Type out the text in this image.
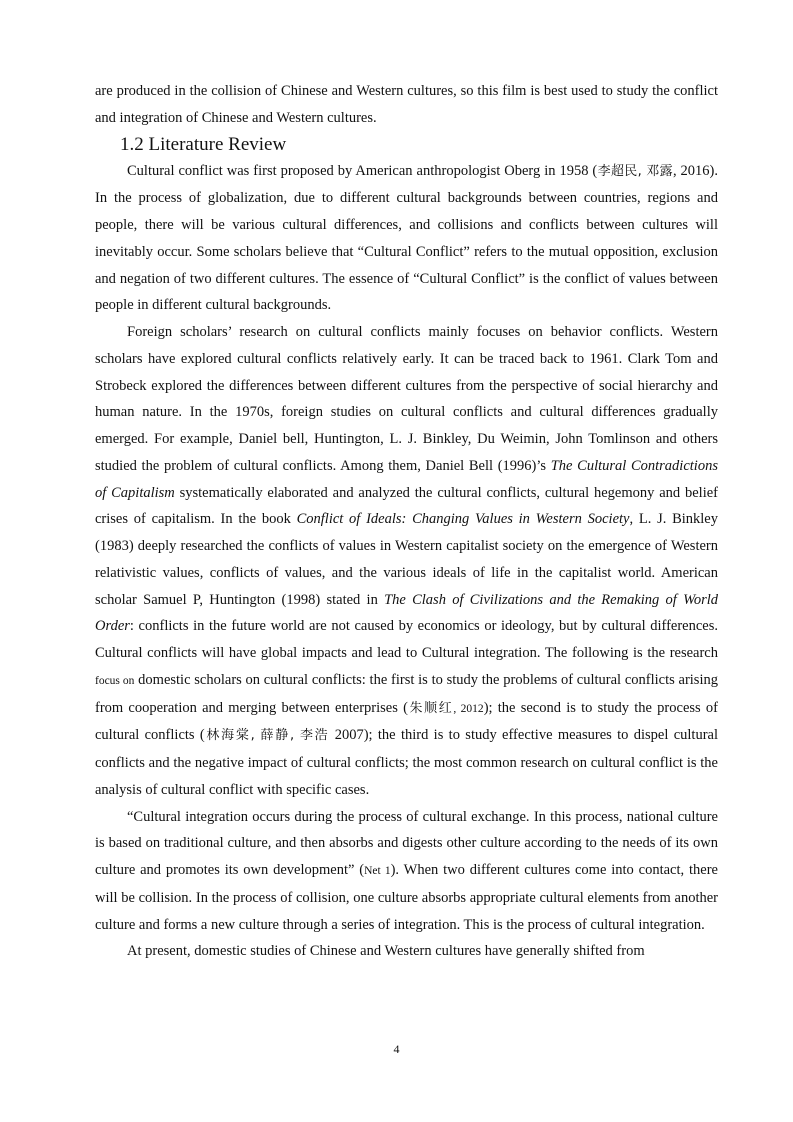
are produced in the collision of Chinese and Western cultures, so this film is best used to study the conflict and integration of Chinese and Western cultures.

1.2 Literature Review

Cultural conflict was first proposed by American anthropologist Oberg in 1958 (李超民, 邓露, 2016). In the process of globalization, due to different cultural backgrounds between countries, regions and people, there will be various cultural differences, and collisions and conflicts between cultures will inevitably occur. Some scholars believe that “Cultural Conflict” refers to the mutual opposition, exclusion and negation of two different cultures. The essence of “Cultural Conflict” is the conflict of values between people in different cultural backgrounds.

Foreign scholars’ research on cultural conflicts mainly focuses on behavior conflicts. Western scholars have explored cultural conflicts relatively early. It can be traced back to 1961. Clark Tom and Strobeck explored the differences between different cultures from the perspective of social hierarchy and human nature. In the 1970s, foreign studies on cultural conflicts and cultural differences gradually emerged. For example, Daniel bell, Huntington, L. J. Binkley, Du Weimin, John Tomlinson and others studied the problem of cultural conflicts. Among them, Daniel Bell (1996)’s The Cultural Contradictions of Capitalism systematically elaborated and analyzed the cultural conflicts, cultural hegemony and belief crises of capitalism. In the book Conflict of Ideals: Changing Values in Western Society, L. J. Binkley (1983) deeply researched the conflicts of values in Western capitalist society on the emergence of Western relativistic values, conflicts of values, and the various ideals of life in the capitalist world. American scholar Samuel P, Huntington (1998) stated in The Clash of Civilizations and the Remaking of World Order: conflicts in the future world are not caused by economics or ideology, but by cultural differences. Cultural conflicts will have global impacts and lead to Cultural integration. The following is the research focus on domestic scholars on cultural conflicts: the first is to study the problems of cultural conflicts arising from cooperation and merging between enterprises (朱顺红, 2012); the second is to study the process of cultural conflicts (林海棠, 薛静, 李浩 2007); the third is to study effective measures to dispel cultural conflicts and the negative impact of cultural conflicts; the most common research on cultural conflict is the analysis of cultural conflict with specific cases.

“Cultural integration occurs during the process of cultural exchange. In this process, national culture is based on traditional culture, and then absorbs and digests other culture according to the needs of its own culture and promotes its own development” (Net 1). When two different cultures come into contact, there will be collision. In the process of collision, one culture absorbs appropriate cultural elements from another culture and forms a new culture through a series of integration. This is the process of cultural integration.

At present, domestic studies of Chinese and Western cultures have generally shifted from

4
